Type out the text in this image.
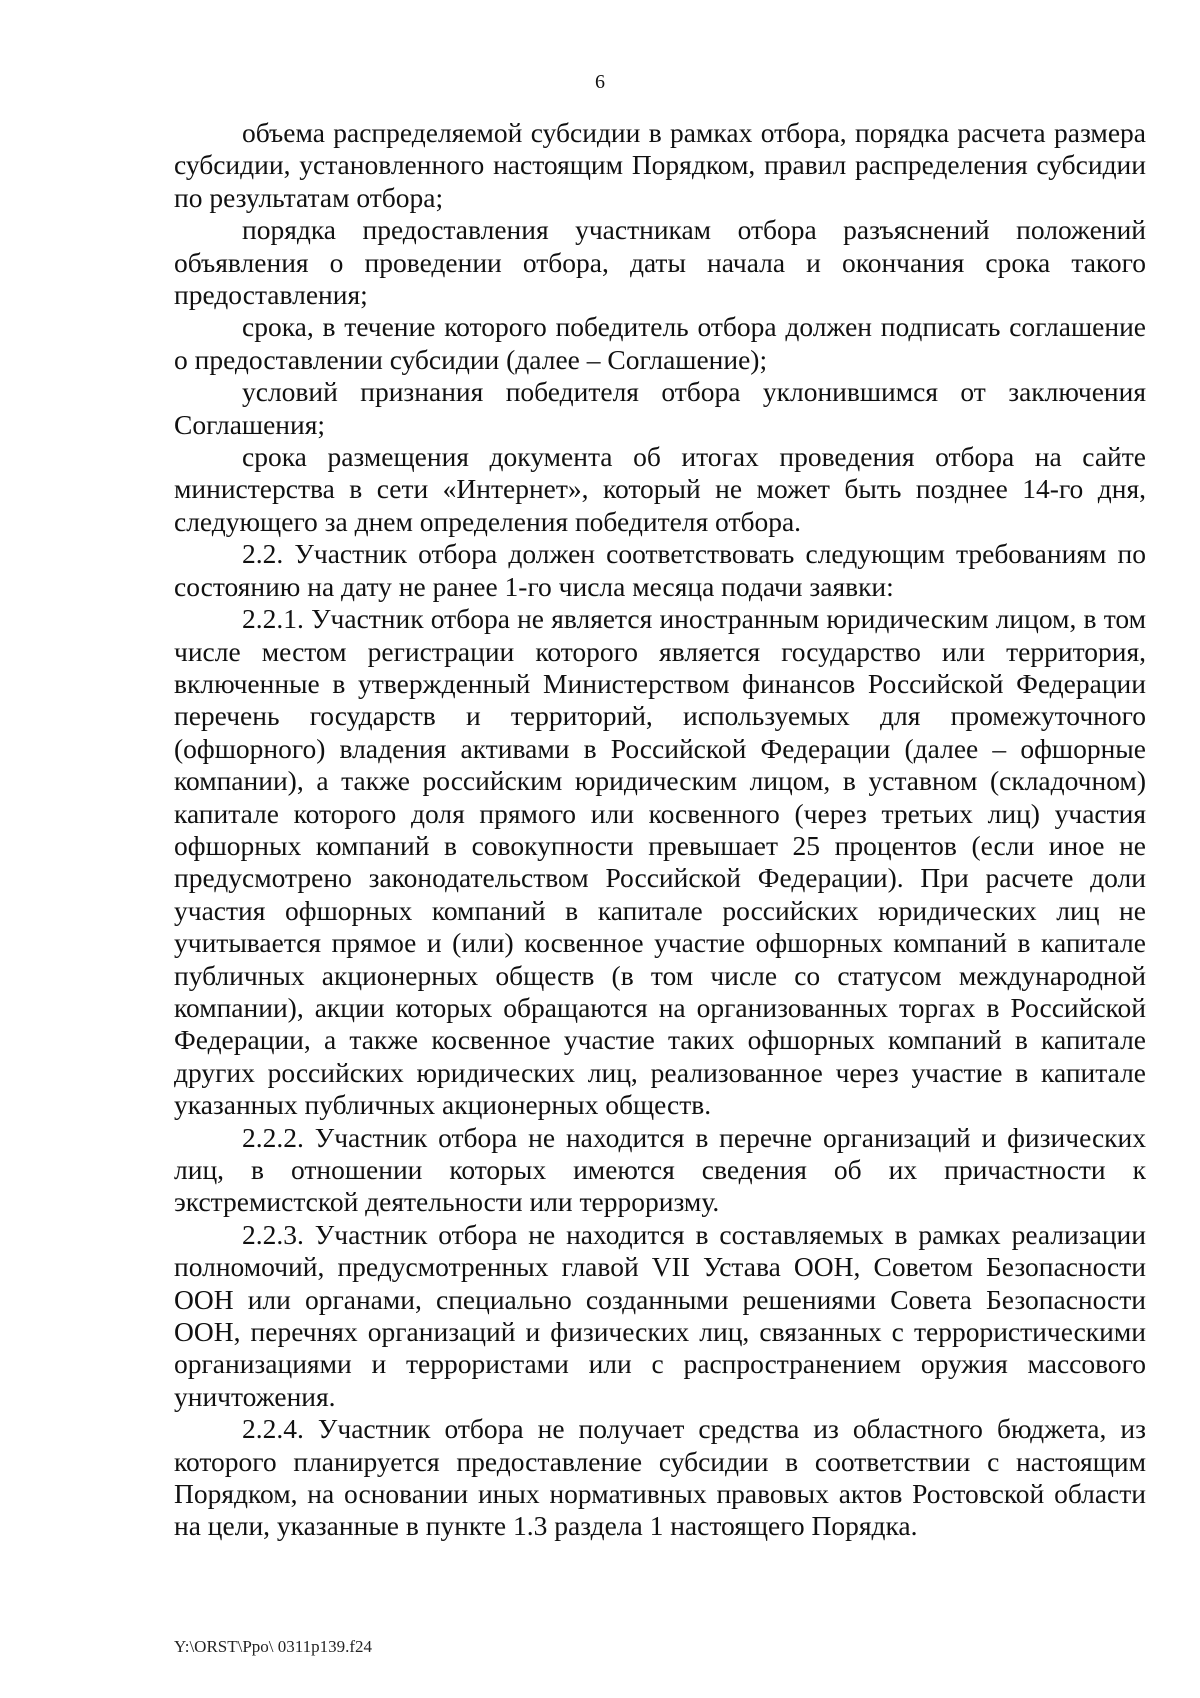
6

объема распределяемой субсидии в рамках отбора, порядка расчета размера субсидии, установленного настоящим Порядком, правил распределения субсидии по результатам отбора;

порядка предоставления участникам отбора разъяснений положений объявления о проведении отбора, даты начала и окончания срока такого предоставления;

срока, в течение которого победитель отбора должен подписать соглашение о предоставлении субсидии (далее – Соглашение);

условий признания победителя отбора уклонившимся от заключения Соглашения;

срока размещения документа об итогах проведения отбора на сайте министерства в сети «Интернет», который не может быть позднее 14-го дня, следующего за днем определения победителя отбора.

2.2. Участник отбора должен соответствовать следующим требованиям по состоянию на дату не ранее 1-го числа месяца подачи заявки:

2.2.1. Участник отбора не является иностранным юридическим лицом, в том числе местом регистрации которого является государство или территория, включенные в утвержденный Министерством финансов Российской Федерации перечень государств и территорий, используемых для промежуточного (офшорного) владения активами в Российской Федерации (далее – офшорные компании), а также российским юридическим лицом, в уставном (складочном) капитале которого доля прямого или косвенного (через третьих лиц) участия офшорных компаний в совокупности превышает 25 процентов (если иное не предусмотрено законодательством Российской Федерации). При расчете доли участия офшорных компаний в капитале российских юридических лиц не учитывается прямое и (или) косвенное участие офшорных компаний в капитале публичных акционерных обществ (в том числе со статусом международной компании), акции которых обращаются на организованных торгах в Российской Федерации, а также косвенное участие таких офшорных компаний в капитале других российских юридических лиц, реализованное через участие в капитале указанных публичных акционерных обществ.

2.2.2. Участник отбора не находится в перечне организаций и физических лиц, в отношении которых имеются сведения об их причастности к экстремистской деятельности или терроризму.

2.2.3. Участник отбора не находится в составляемых в рамках реализации полномочий, предусмотренных главой VII Устава ООН, Советом Безопасности ООН или органами, специально созданными решениями Совета Безопасности ООН, перечнях организаций и физических лиц, связанных с террористическими организациями и террористами или с распространением оружия массового уничтожения.

2.2.4. Участник отбора не получает средства из областного бюджета, из которого планируется предоставление субсидии в соответствии с настоящим Порядком, на основании иных нормативных правовых актов Ростовской области на цели, указанные в пункте 1.3 раздела 1 настоящего Порядка.

Y:\ORST\Ppo\ 0311p139.f24
